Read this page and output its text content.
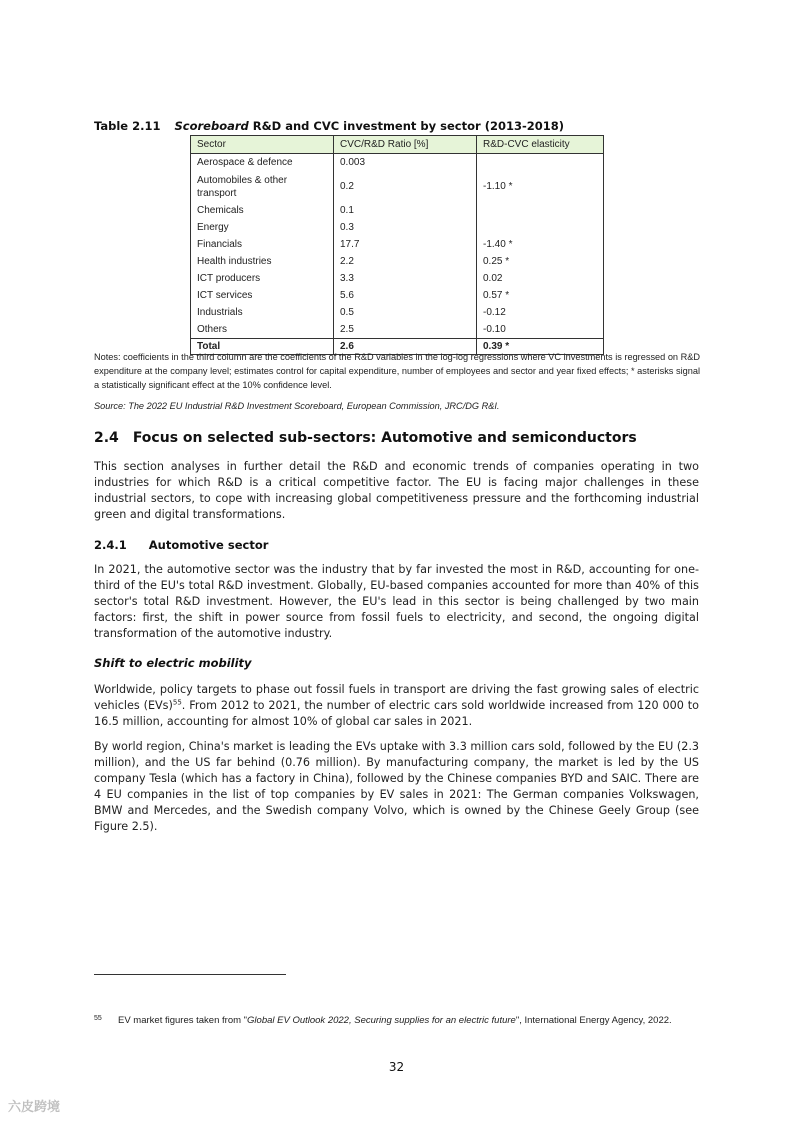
Table 2.11 Scoreboard R&D and CVC investment by sector (2013-2018)
Sector	CVC/R&D Ratio [%]	R&D-CVC elasticity
Aerospace & defence	0.003	
Automobiles & other transport	0.2	-1.10 *
Chemicals	0.1	
Energy	0.3	
Financials	17.7	-1.40 *
Health industries	2.2	0.25 *
ICT producers	3.3	0.02
ICT services	5.6	0.57 *
Industrials	0.5	-0.12
Others	2.5	-0.10
Total	2.6	0.39 *
Notes: coefficients in the third column are the coefficients of the R&D variables in the log-log regressions where VC investments is regressed on R&D expenditure at the company level; estimates control for capital expenditure, number of employees and sector and year fixed effects; * asterisks signal a statistically significant effect at the 10% confidence level.
Source: The 2022 EU Industrial R&D Investment Scoreboard, European Commission, JRC/DG R&I.
2.4 Focus on selected sub-sectors: Automotive and semiconductors
This section analyses in further detail the R&D and economic trends of companies operating in two industries for which R&D is a critical competitive factor. The EU is facing major challenges in these industrial sectors, to cope with increasing global competitiveness pressure and the forthcoming industrial green and digital transformations.
2.4.1 Automotive sector
In 2021, the automotive sector was the industry that by far invested the most in R&D, accounting for one-third of the EU's total R&D investment. Globally, EU-based companies accounted for more than 40% of this sector's total R&D investment. However, the EU's lead in this sector is being challenged by two main factors: first, the shift in power source from fossil fuels to electricity, and second, the ongoing digital transformation of the automotive industry.
Shift to electric mobility
Worldwide, policy targets to phase out fossil fuels in transport are driving the fast growing sales of electric vehicles (EVs)$^{55}$. From 2012 to 2021, the number of electric cars sold worldwide increased from 120 000 to 16.5 million, accounting for almost 10% of global car sales in 2021.
By world region, China's market is leading the EVs uptake with 3.3 million cars sold, followed by the EU (2.3 million), and the US far behind (0.76 million). By manufacturing company, the market is led by the US company Tesla (which has a factory in China), followed by the Chinese companies BYD and SAIC. There are 4 EU companies in the list of top companies by EV sales in 2021: The German companies Volkswagen, BMW and Mercedes, and the Swedish company Volvo, which is owned by the Chinese Geely Group (see Figure 2.5).
55 EV market figures taken from "Global EV Outlook 2022, Securing supplies for an electric future", International Energy Agency, 2022.
32
六皮跨境
